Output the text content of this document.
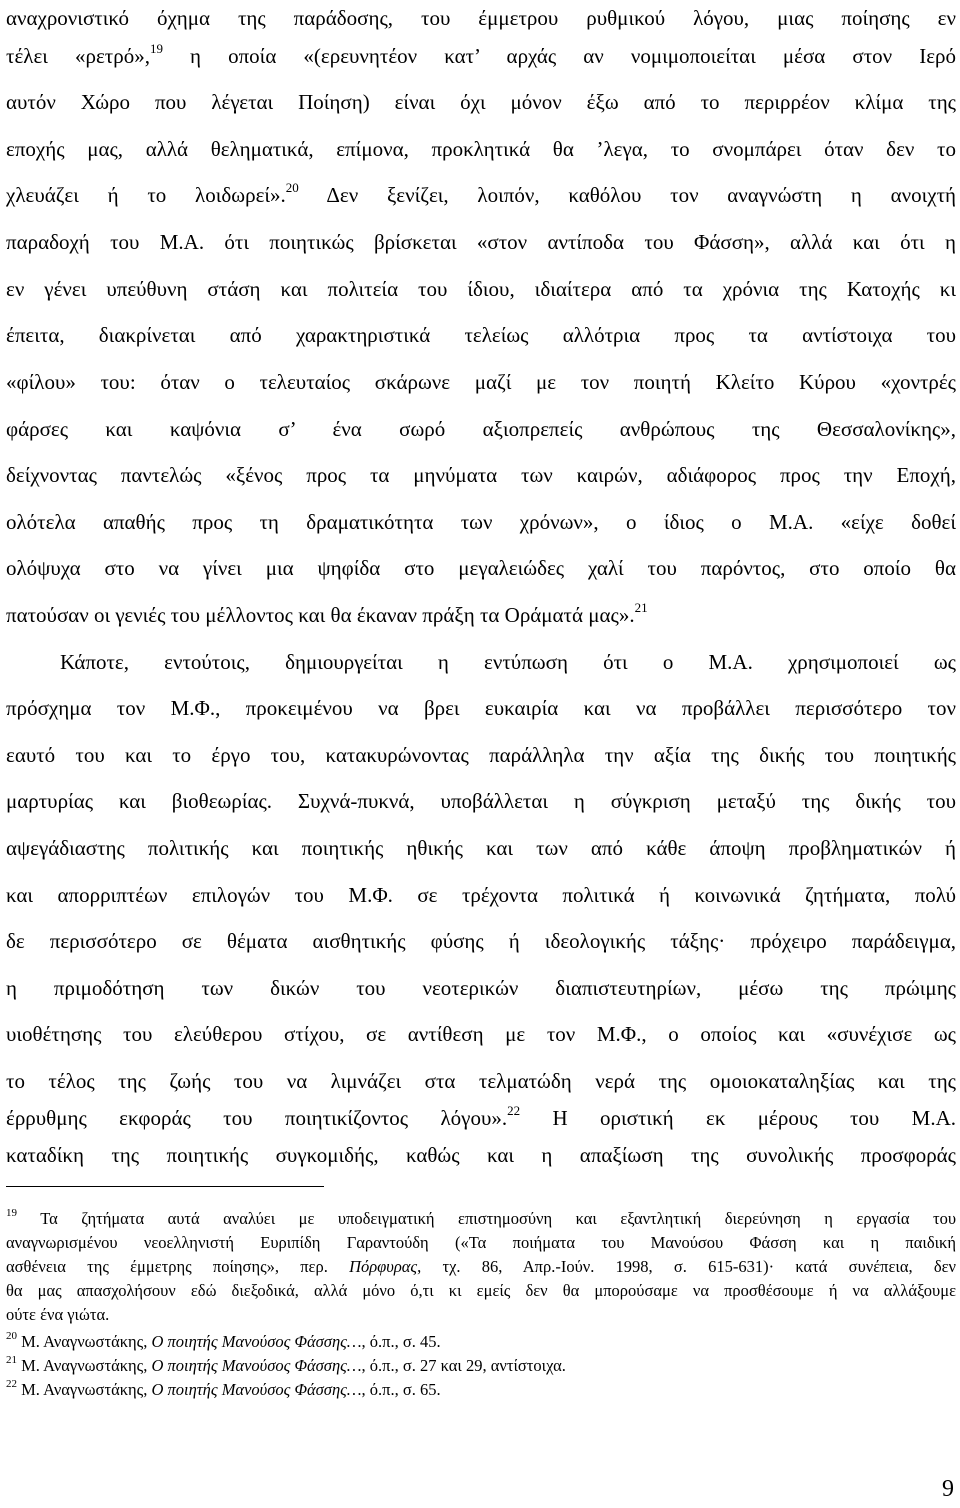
αναχρονιστικό όχημα της παράδοσης, του έμμετρου ρυθμικού λόγου, μιας ποίησης εν
τέλει «ρετρό»,$^{19}$ η οποία «(ερευνητέον κατ’ αρχάς αν νομιμοποιείται μέσα στον Ιερό
αυτόν Χώρο που λέγεται Ποίηση) είναι όχι μόνον έξω από το περιρρέον κλίμα της
εποχής μας, αλλά θεληματικά, επίμονα, προκλητικά θα ’λεγα, το σνομπάρει όταν δεν το
χλευάζει ή το λοιδωρεί».$^{20}$ Δεν ξενίζει, λοιπόν, καθόλου τον αναγνώστη η ανοιχτή
παραδοχή του Μ.Α. ότι ποιητικώς βρίσκεται «στον αντίποδα του Φάσση», αλλά και ότι η
εν γένει υπεύθυνη στάση και πολιτεία του ίδιου, ιδιαίτερα από τα χρόνια της Κατοχής κι
έπειτα, διακρίνεται από χαρακτηριστικά τελείως αλλότρια προς τα αντίστοιχα του
«φίλου» του: όταν ο τελευταίος σκάρωνε μαζί με τον ποιητή Κλείτο Κύρου «χοντρές
φάρσες και καψόνια σ’ ένα σωρό αξιοπρεπείς ανθρώπους της Θεσσαλονίκης»,
δείχνοντας παντελώς «ξένος προς τα μηνύματα των καιρών, αδιάφορος προς την Εποχή,
ολότελα απαθής προς τη δραματικότητα των χρόνων», ο ίδιος ο Μ.Α. «είχε δοθεί
ολόψυχα στο να γίνει μια ψηφίδα στο μεγαλειώδες χαλί του παρόντος, στο οποίο θα
πατούσαν οι γενιές του μέλλοντος και θα έκαναν πράξη τα Οράματά μας».$^{21}$
Κάποτε, εντούτοις, δημιουργείται η εντύπωση ότι ο Μ.Α. χρησιμοποιεί ως
πρόσχημα τον Μ.Φ., προκειμένου να βρει ευκαιρία και να προβάλλει περισσότερο τον
εαυτό του και το έργο του, κατακυρώνοντας παράλληλα την αξία της δικής του ποιητικής
μαρτυρίας και βιοθεωρίας. Συχνά-πυκνά, υποβάλλεται η σύγκριση μεταξύ της δικής του
αψεγάδιαστης πολιτικής και ποιητικής ηθικής και των από κάθε άποψη προβληματικών ή
και απορριπτέων επιλογών του Μ.Φ. σε τρέχοντα πολιτικά ή κοινωνικά ζητήματα, πολύ
δε περισσότερο σε θέματα αισθητικής φύσης ή ιδεολογικής τάξης· πρόχειρο παράδειγμα,
η πριμοδότηση των δικών του νεοτερικών διαπιστευτηρίων, μέσω της πρώιμης
υιοθέτησης του ελεύθερου στίχου, σε αντίθεση με τον Μ.Φ., ο οποίος και «συνέχισε ως
το τέλος της ζωής του να λιμνάζει στα τελματώδη νερά της ομοιοκαταληξίας και της
έρρυθμης εκφοράς του ποιητικίζοντος λόγου».$^{22}$ Η οριστική εκ μέρους του Μ.Α.
καταδίκη της ποιητικής συγκομιδής, καθώς και η απαξίωση της συνολικής προσφοράς
$^{19}$ Τα ζητήματα αυτά αναλύει με υποδειγματική επιστημοσύνη και εξαντλητική διερεύνηση η εργασία του
αναγνωρισμένου νεοελληνιστή Ευριπίδη Γαραντούδη («Τα ποιήματα του Μανούσου Φάσση και η παιδική
ασθένεια της έμμετρης ποίησης», περ. Πόρφυρας, τχ. 86, Απρ.-Ιούν. 1998, σ. 615-631)· κατά συνέπεια, δεν
θα μας απασχολήσουν εδώ διεξοδικά, αλλά μόνο ό,τι κι εμείς δεν θα μπορούσαμε να προσθέσουμε ή να αλλάξουμε
ούτε ένα γιώτα.
$^{20}$ Μ. Αναγνωστάκης, Ο ποιητής Μανούσος Φάσσης…, ό.π., σ. 45.
$^{21}$ Μ. Αναγνωστάκης, Ο ποιητής Μανούσος Φάσσης…, ό.π., σ. 27 και 29, αντίστοιχα.
$^{22}$ Μ. Αναγνωστάκης, Ο ποιητής Μανούσος Φάσσης…, ό.π., σ. 65.
9
